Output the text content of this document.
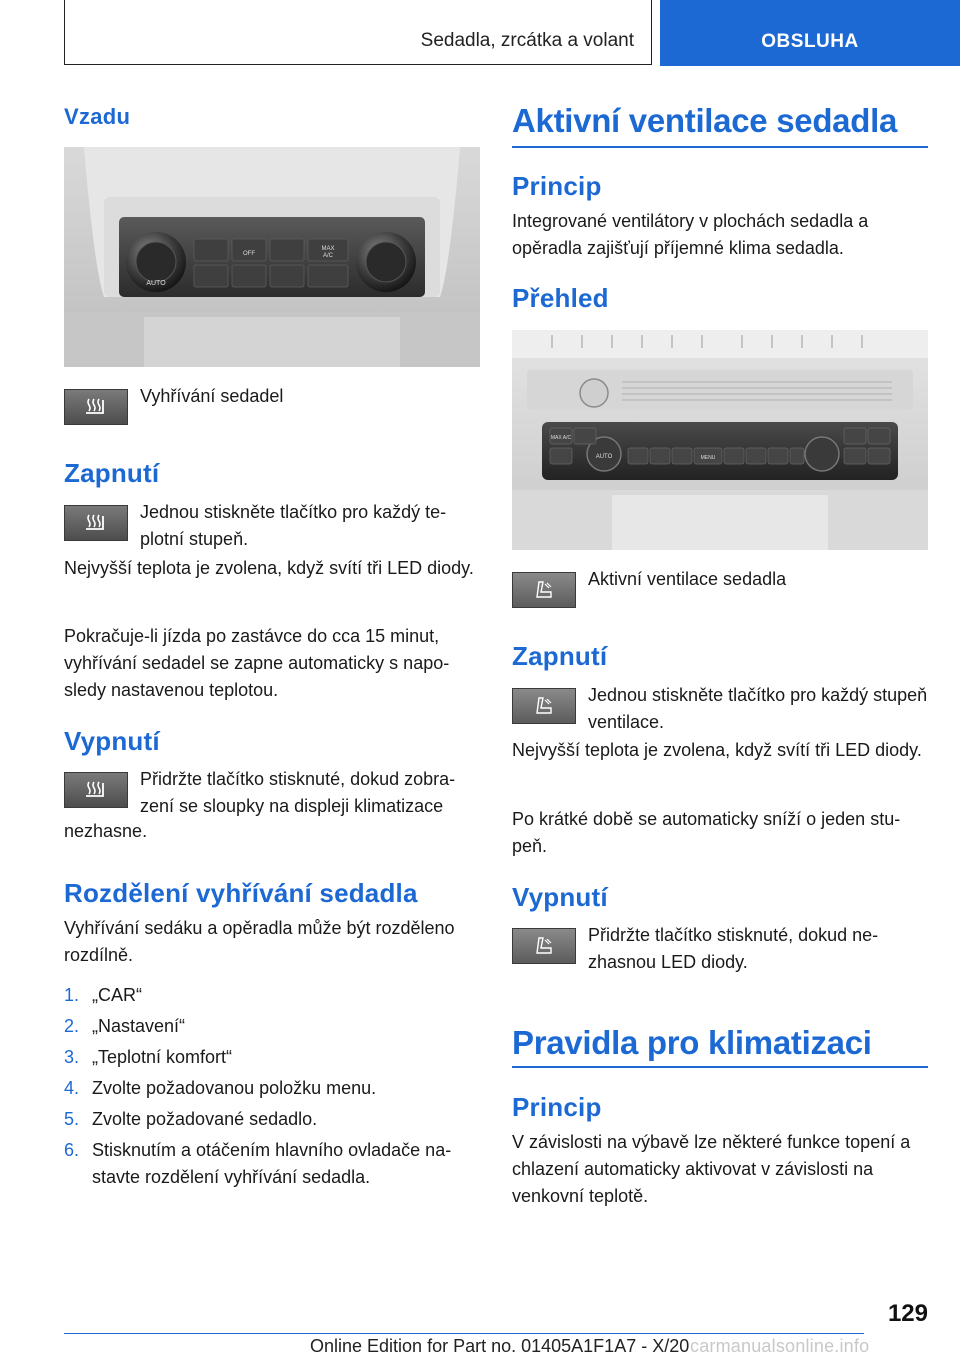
Sedadla, zrcátka a volant	OBSLUHA
Vzadu
AUTO
OFF
MAX
A/C
Vyhřívání sedadel
Zapnutí

Jednou stiskněte tlačítko pro každý teplotní stupeň.

Nejvyšší teplota je zvolena, když svítí tři LED diody.

Pokračuje-li jízda po zastávce do cca 15 minut, vyhřívání sedadel se zapne automaticky s naposledy nastavenou teplotou.

Vypnutí

Přidržte tlačítko stisknuté, dokud zobrazení se sloupky na displeji klimatizace

nezhasne.

Rozdělení vyhřívání sedadla

Vyhřívání sedáku a opěradla může být rozděleno rozdílně.

1. „CAR“
2. „Nastavení“
3. „Teplotní komfort“
4. Zvolte požadovanou položku menu.
5. Zvolte požadované sedadlo.
6. Stisknutím a otáčením hlavního ovladače nastavte rozdělení vyhřívání sedadla.
Aktivní ventilace sedadla
Princip

Integrované ventilátory v plochách sedadla a opěradla zajišťují příjemné klima sedadla.

Přehled
AUTO	MENU
MAX A/C
Aktivní ventilace sedadla
Zapnutí

Jednou stiskněte tlačítko pro každý stupeň ventilace.

Nejvyšší teplota je zvolena, když svítí tři LED diody.

Po krátké době se automaticky sníží o jeden stupeň.

Vypnutí

Přidržte tlačítko stisknuté, dokud nezhasnou LED diody.

Pravidla pro klimatizaci
Princip

V závislosti na výbavě lze některé funkce topení a chlazení automaticky aktivovat v závislosti na venkovní teplotě.

129
Online Edition for Part no. 01405A1F1A7 - X/20 carmanualsonline.info
